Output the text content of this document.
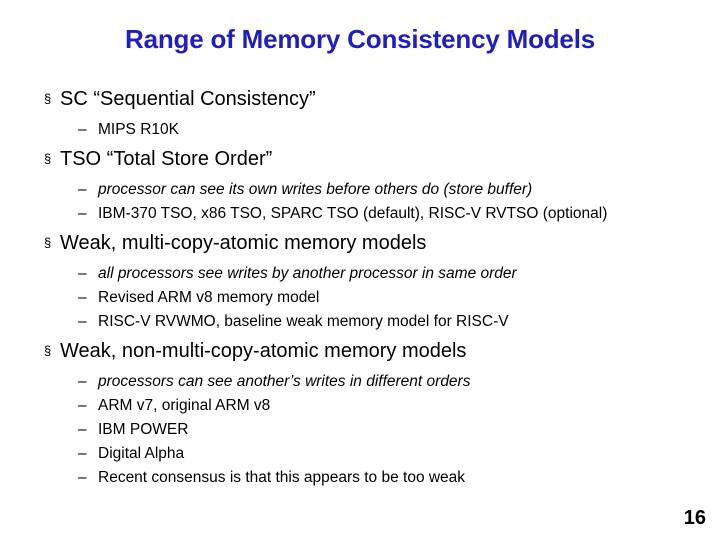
Range of Memory Consistency Models
§ SC “Sequential Consistency”
– MIPS R10K
§ TSO “Total Store Order”
– processor can see its own writes before others do (store buffer)
– IBM-370 TSO, x86 TSO, SPARC TSO (default), RISC-V RVTSO (optional)
§ Weak, multi-copy-atomic memory models
– all processors see writes by another processor in same order
– Revised ARM v8 memory model
– RISC-V RVWMO, baseline weak memory model for RISC-V
§ Weak, non-multi-copy-atomic memory models
– processors can see another’s writes in different orders
– ARM v7, original ARM v8
– IBM POWER
– Digital Alpha
– Recent consensus is that this appears to be too weak
16
